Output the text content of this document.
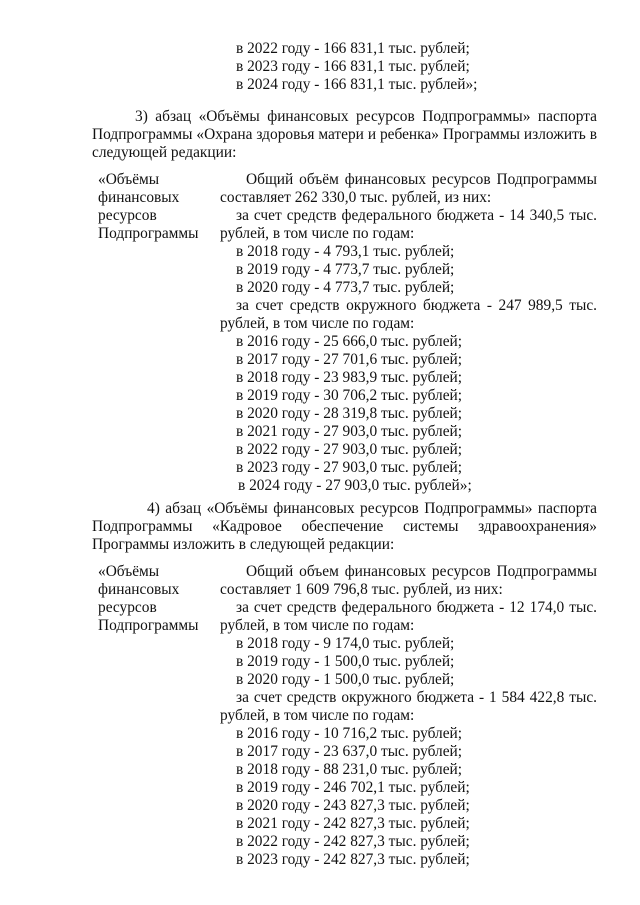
в 2022 году - 166 831,1 тыс. рублей;
в 2023 году - 166 831,1 тыс. рублей;
в 2024 году - 166 831,1 тыс. рублей»;
3) абзац «Объёмы финансовых ресурсов Подпрограммы» паспорта
Подпрограммы «Охрана здоровья матери и ребенка» Программы изложить в
следующей редакции:
«Объёмы
финансовых
ресурсов
Подпрограммы
Общий объём финансовых ресурсов Подпрограммы
составляет 262 330,0 тыс. рублей, из них:
за счет средств федерального бюджета - 14 340,5 тыс.
рублей, в том числе по годам:
в 2018 году - 4 793,1 тыс. рублей;
в 2019 году - 4 773,7 тыс. рублей;
в 2020 году - 4 773,7 тыс. рублей;
за счет средств окружного бюджета - 247 989,5 тыс.
рублей, в том числе по годам:
в 2016 году - 25 666,0 тыс. рублей;
в 2017 году - 27 701,6 тыс. рублей;
в 2018 году - 23 983,9 тыс. рублей;
в 2019 году - 30 706,2 тыс. рублей;
в 2020 году - 28 319,8 тыс. рублей;
в 2021 году - 27 903,0 тыс. рублей;
в 2022 году - 27 903,0 тыс. рублей;
в 2023 году - 27 903,0 тыс. рублей;
в 2024 году - 27 903,0 тыс. рублей»;
4) абзац «Объёмы финансовых ресурсов Подпрограммы» паспорта
Подпрограммы «Кадровое обеспечение системы здравоохранения»
Программы изложить в следующей редакции:
«Объёмы
финансовых
ресурсов
Подпрограммы
Общий объем финансовых ресурсов Подпрограммы
составляет 1 609 796,8 тыс. рублей, из них:
за счет средств федерального бюджета - 12 174,0 тыс.
рублей, в том числе по годам:
в 2018 году - 9 174,0 тыс. рублей;
в 2019 году - 1 500,0 тыс. рублей;
в 2020 году - 1 500,0 тыс. рублей;
за счет средств окружного бюджета - 1 584 422,8 тыс.
рублей, в том числе по годам:
в 2016 году - 10 716,2 тыс. рублей;
в 2017 году - 23 637,0 тыс. рублей;
в 2018 году - 88 231,0 тыс. рублей;
в 2019 году - 246 702,1 тыс. рублей;
в 2020 году - 243 827,3 тыс. рублей;
в 2021 году - 242 827,3 тыс. рублей;
в 2022 году - 242 827,3 тыс. рублей;
в 2023 году - 242 827,3 тыс. рублей;
